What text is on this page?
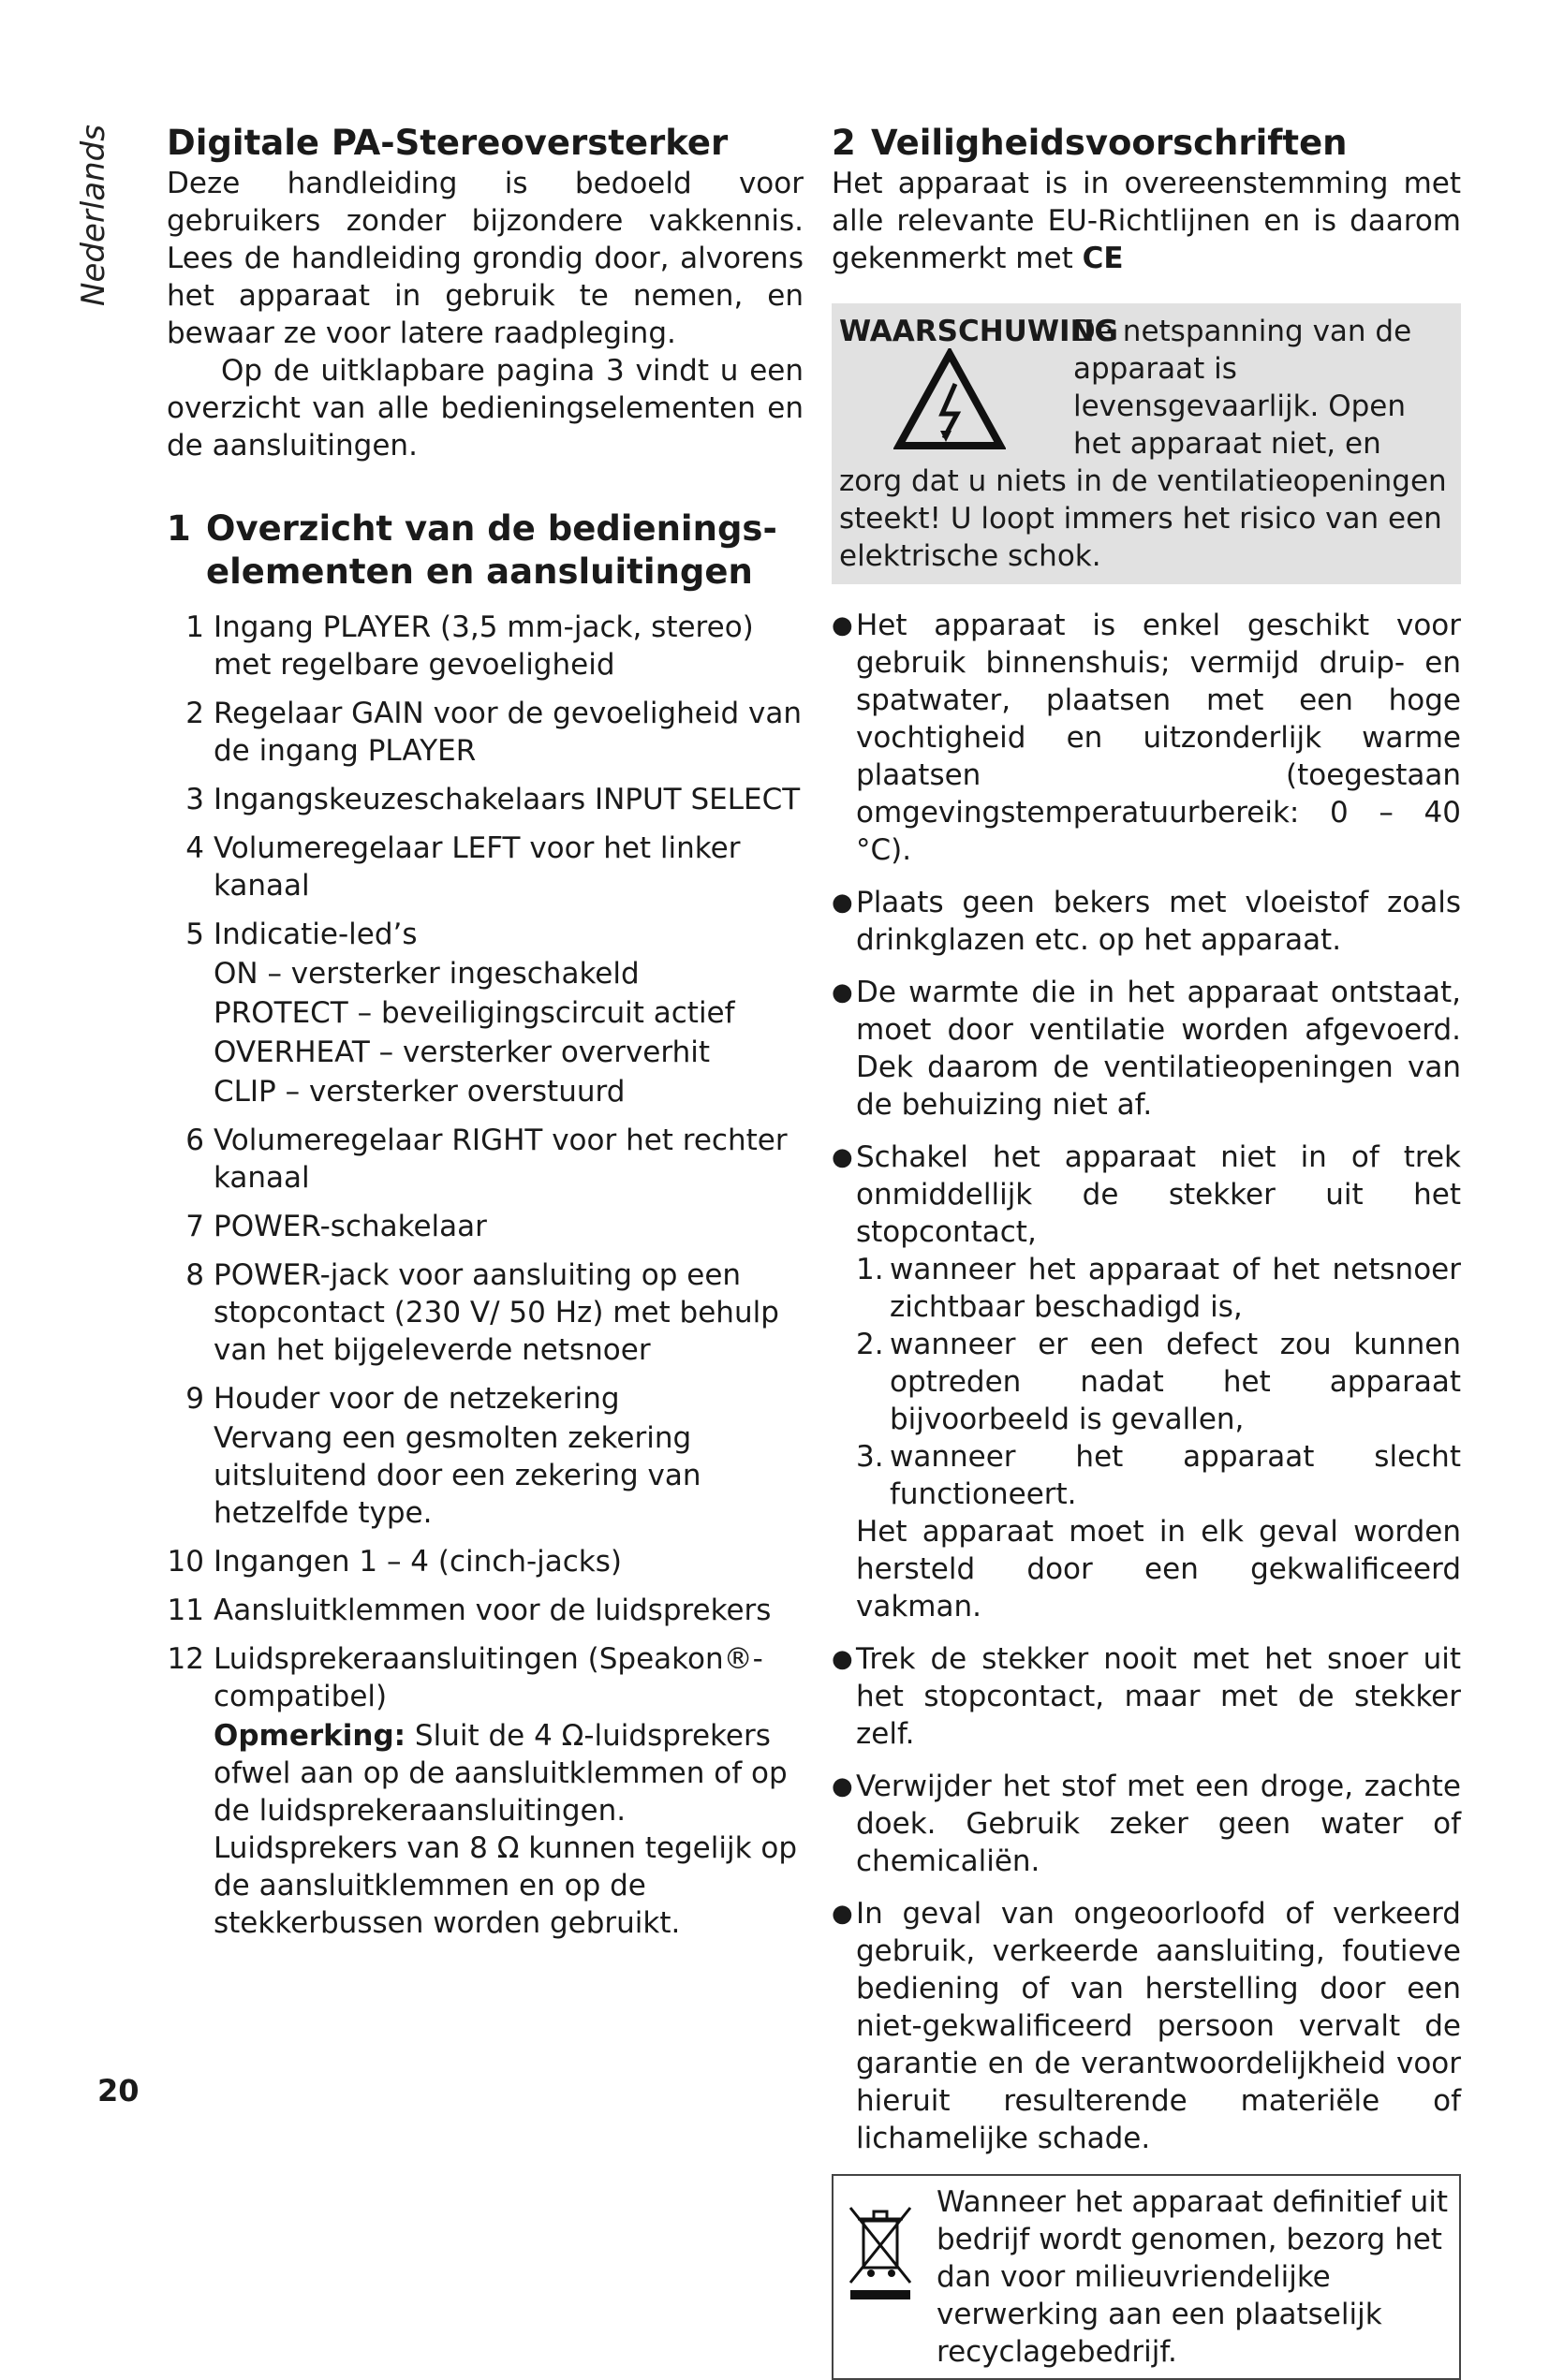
Nederlands Digitale PA-Stereoversterker

Deze handleiding is bedoeld voor gebruikers zonder bijzondere vakkennis. Lees de handleiding grondig door, alvorens het apparaat in gebruik te nemen, en bewaar ze voor latere raadpleging.

Op de uitklapbare pagina 3 vindt u een overzicht van alle bedieningselementen en de aansluitingen.

1 Overzicht van de bedieningselementen en aansluitingen
1 Ingang PLAYER (3,5 mm-jack, stereo) met regelbare gevoeligheid
2 Regelaar GAIN voor de gevoeligheid van de ingang PLAYER
3 Ingangskeuzeschakelaars INPUT SELECT
4 Volumeregelaar LEFT voor het linker kanaal
5 Indicatie-led’s
ON – versterker ingeschakeld
PROTECT – beveiligingscircuit actief
OVERHEAT – versterker oververhit
CLIP – versterker overstuurd
6 Volumeregelaar RIGHT voor het rechter kanaal
7 POWER-schakelaar
8 POWER-jack voor aansluiting op een stopcontact (230 V/ 50 Hz) met behulp van het bijgeleverde netsnoer
9 Houder voor de netzekering
Vervang een gesmolten zekering uitsluitend door een zekering van hetzelfde type.
10 Ingangen 1 – 4 (cinch-jacks)
11 Aansluitklemmen voor de luidsprekers
12 Luidsprekeraansluitingen (Speakon®-compatibel)
Opmerking: Sluit de 4 Ω-luidsprekers ofwel aan op de aansluitklemmen of op de luidsprekeraansluitingen. Luidsprekers van 8 Ω kunnen tegelijk op de aansluitklemmen en op de stekkerbussen worden gebruikt.
2 Veiligheidsvoorschriften

Het apparaat is in overeenstemming met alle relevante EU-Richtlijnen en is daarom gekenmerkt met CE

WAARSCHUWING
De netspanning van de apparaat is levensgevaarlijk. Open het apparaat niet, en zorg dat u niets in de ventilatieopeningen steekt! U loopt immers het risico van een elektrische schok.
● Het apparaat is enkel geschikt voor gebruik binnenshuis; vermijd druip- en spatwater, plaatsen met een hoge vochtigheid en uitzonderlijk warme plaatsen (toegestaan omgevingstemperatuurbereik: 0 – 40 °C).
● Plaats geen bekers met vloeistof zoals drinkglazen etc. op het apparaat.
● De warmte die in het apparaat ontstaat, moet door ventilatie worden afgevoerd. Dek daarom de ventilatieopeningen van de behuizing niet af.
● Schakel het apparaat niet in of trek onmiddellijk de stekker uit het stopcontact,
1. wanneer het apparaat of het netsnoer zichtbaar beschadigd is,
2. wanneer er een defect zou kunnen optreden nadat het apparaat bijvoorbeeld is gevallen,
3. wanneer het apparaat slecht functioneert.
Het apparaat moet in elk geval worden hersteld door een gekwalificeerd vakman.
● Trek de stekker nooit met het snoer uit het stopcontact, maar met de stekker zelf.
● Verwijder het stof met een droge, zachte doek. Gebruik zeker geen water of chemicaliën.
● In geval van ongeoorloofd of verkeerd gebruik, verkeerde aansluiting, foutieve bediening of van herstelling door een niet-gekwalificeerd persoon vervalt de garantie en de verantwoordelijkheid voor hieruit resulterende materiële of lichamelijke schade.
Wanneer het apparaat definitief uit bedrijf wordt genomen, bezorg het dan voor milieuvriendelijke verwerking aan een plaatselijk recyclagebedrijf.
20
